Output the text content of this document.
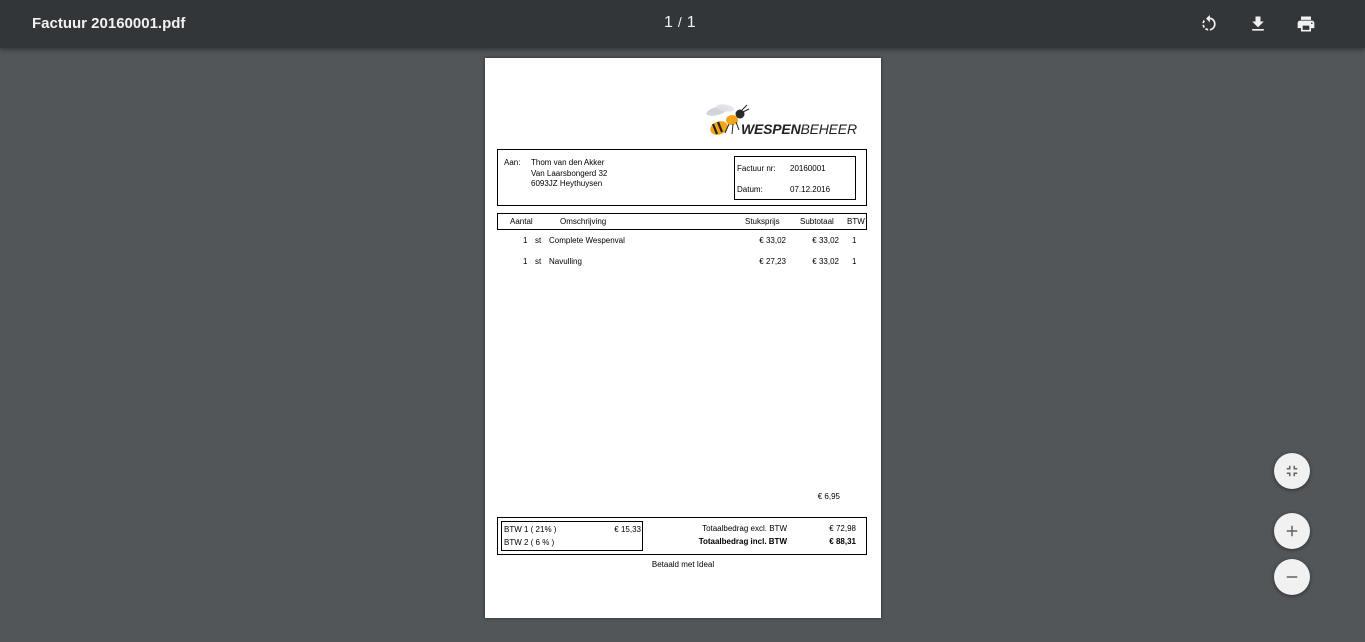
Factuur 20160001.pdf	1 / 1
WESPENBEHEER
Aan: Thom van den Akker
Van Laarsbongerd 32
6093JZ Heythuysen
Factuur nr: 20160001
Datum:	07.12.2016
Aantal	Omschrijving	Stuksprijs	Subtotaal BTW
1 st Complete Wespenval	€ 33,02	€ 33,02 1
1 st Navulling	€ 27,23	€ 33,02 1
€ 6,95
BTW 1 ( 21% )	€ 15,33
BTW 2 ( 6 % )
Totaalbedrag excl. BTW	€ 72,98
Totaalbedrag incl. BTW	€ 88,31
Betaald met Ideal
